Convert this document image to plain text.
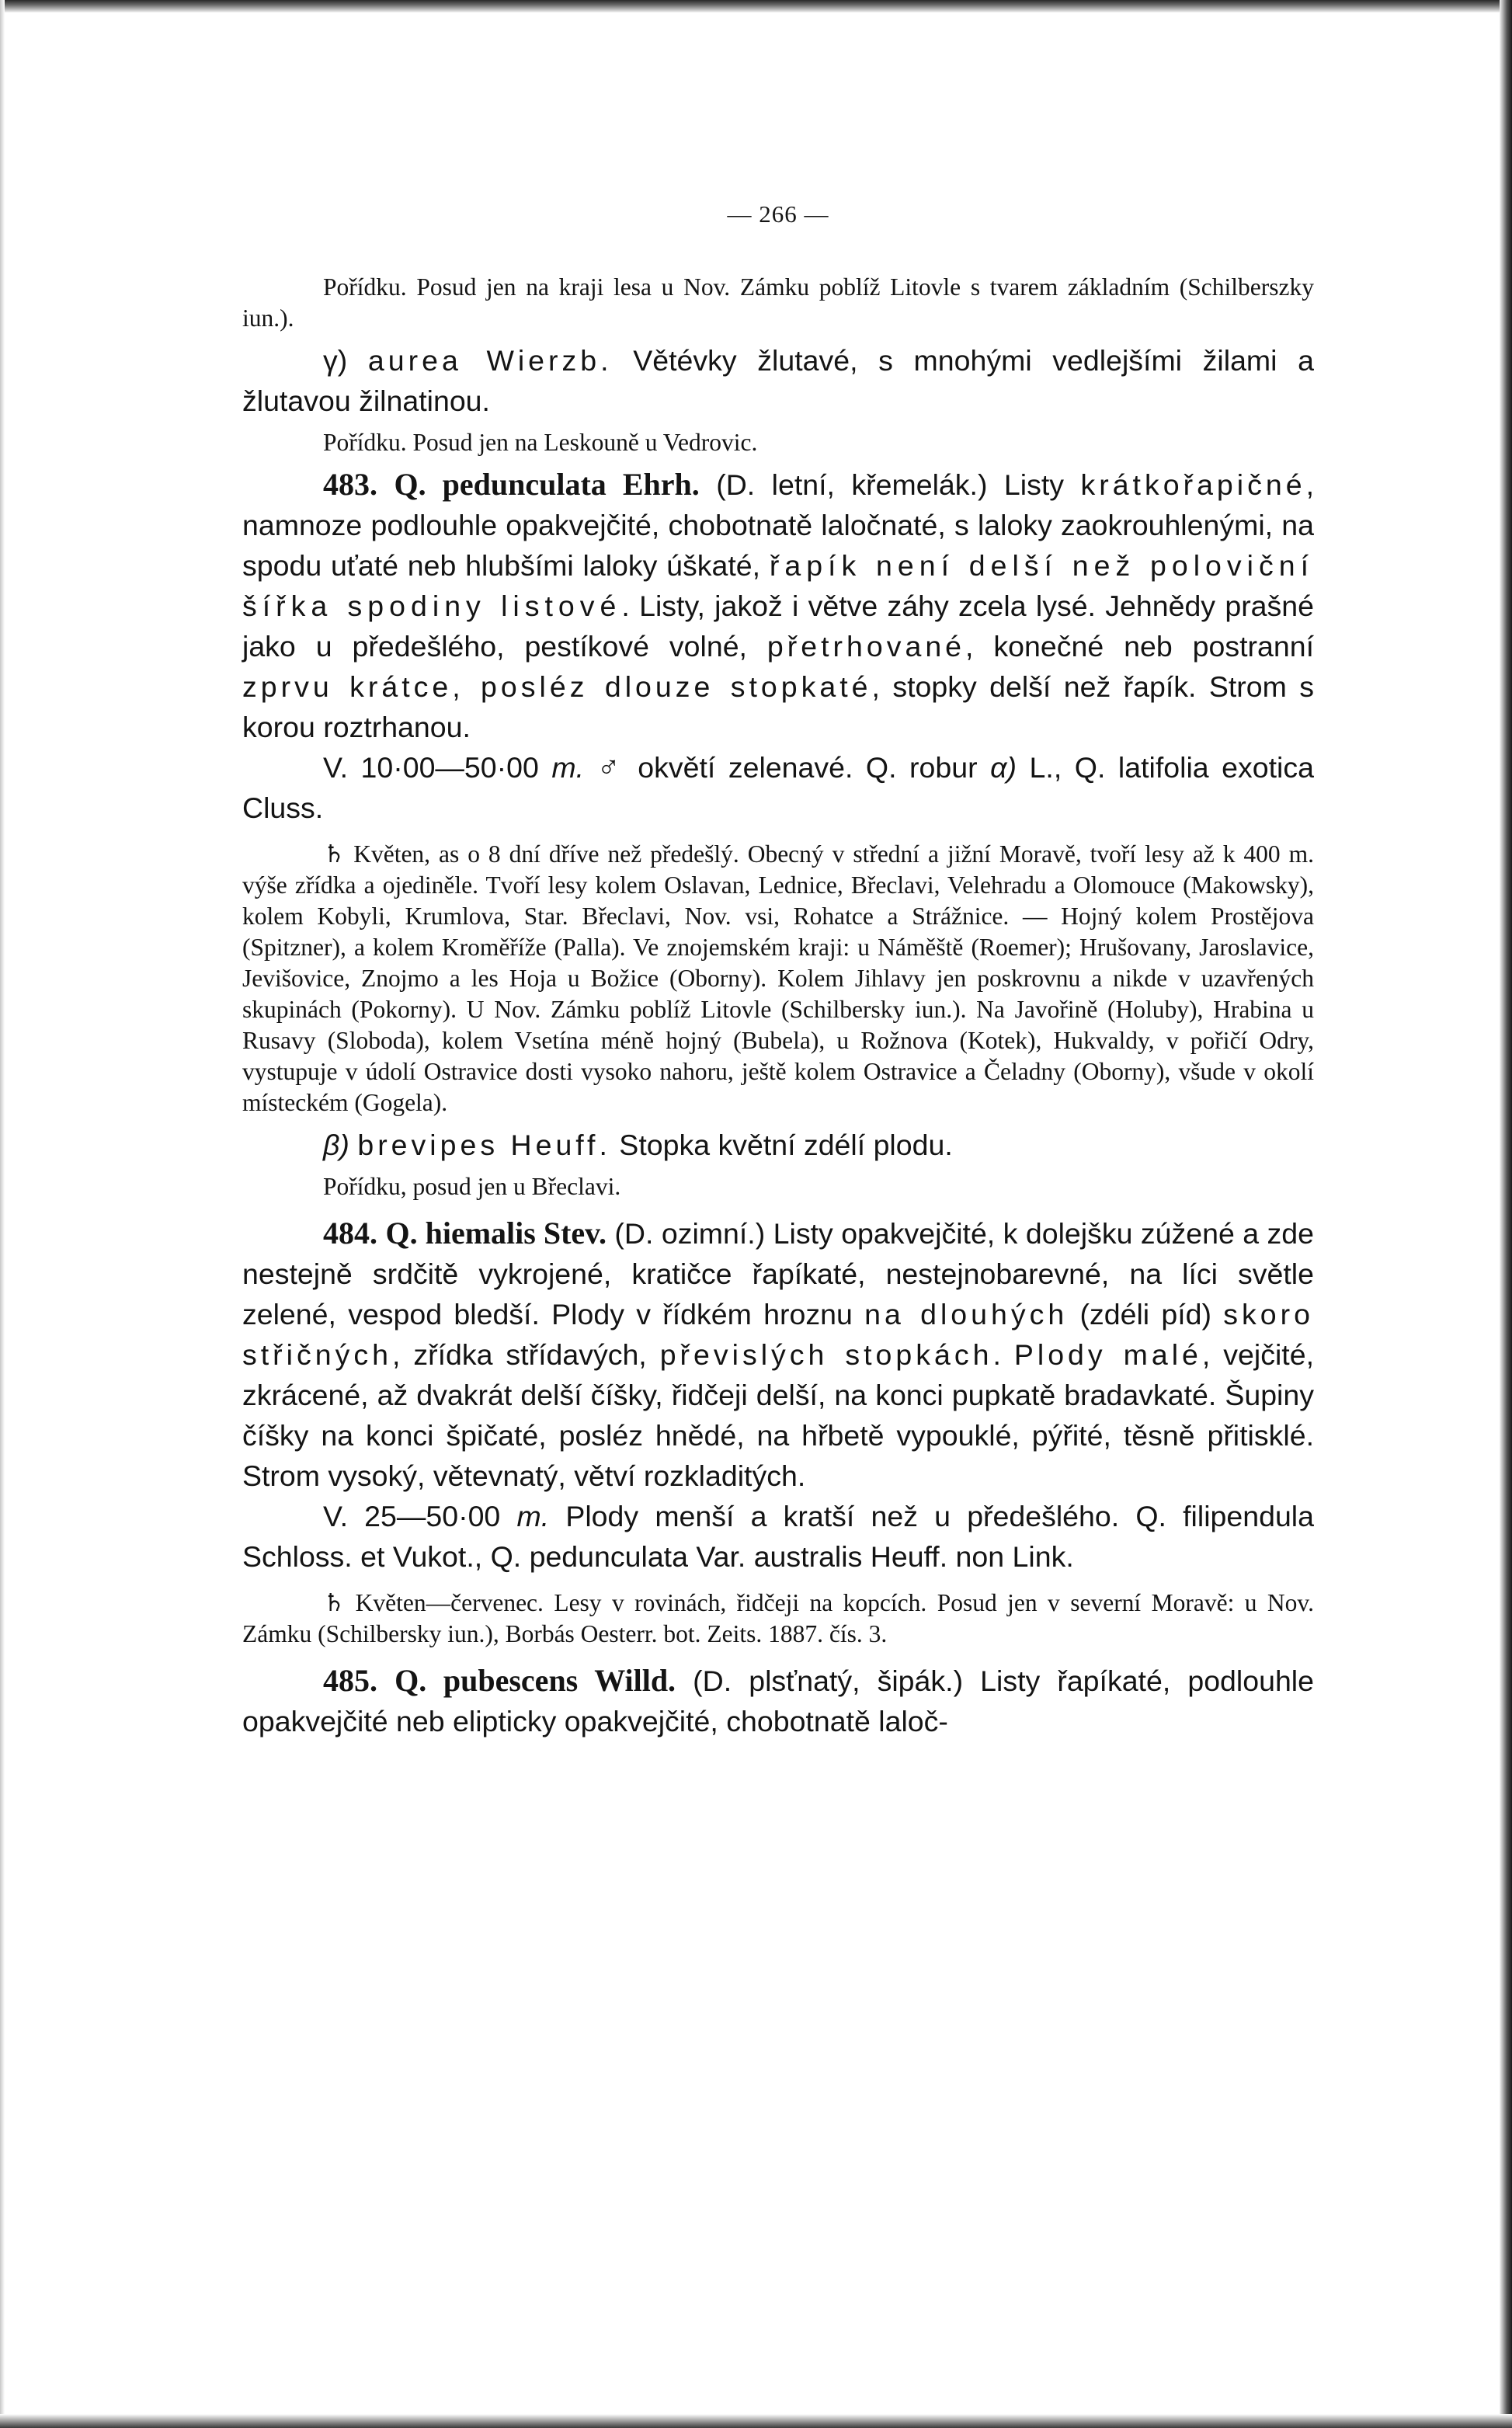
— 266 —

Pořídku. Posud jen na kraji lesa u Nov. Zámku poblíž Litovle s tvarem základním (Schilberszky iun.).

γ) aurea Wierzb. Větévky žlutavé, s mnohými vedlejšími žilami a žlutavou žilnatinou.

Pořídku. Posud jen na Leskouně u Vedrovic.

483. Q. pedunculata Ehrh. (D. letní, křemelák.) Listy krátkořapičné, namnoze podlouhle opakvejčité, chobotnatě laločnaté, s laloky zaokrouhlenými, na spodu uťaté neb hlubšími laloky úškaté, řapík není delší než poloviční šířka spodiny listové. Listy, jakož i větve záhy zcela lysé. Jehnědy prašné jako u předešlého, pestíkové volné, přetrhované, konečné neb postranní zprvu krátce, posléz dlouze stopkaté, stopky delší než řapík. Strom s korou roztrhanou.

V. 10·00—50·00 m. ♂ okvětí zelenavé. Q. robur α) L., Q. latifolia exotica Cluss.

♄ Květen, as o 8 dní dříve než předešlý. Obecný v střední a jižní Moravě, tvoří lesy až k 400 m. výše zřídka a ojediněle. Tvoří lesy kolem Oslavan, Lednice, Břeclavi, Velehradu a Olomouce (Makowsky), kolem Kobyli, Krumlova, Star. Břeclavi, Nov. vsi, Rohatce a Strážnice. — Hojný kolem Prostějova (Spitzner), a kolem Kroměříže (Palla). Ve znojemském kraji: u Náměště (Roemer); Hrušovany, Jaroslavice, Jevišovice, Znojmo a les Hoja u Božice (Oborny). Kolem Jihlavy jen poskrovnu a nikde v uzavřených skupinách (Pokorny). U Nov. Zámku poblíž Litovle (Schilbersky iun.). Na Javořině (Holuby), Hrabina u Rusavy (Sloboda), kolem Vsetína méně hojný (Bubela), u Rožnova (Kotek), Hukvaldy, v pořičí Odry, vystupuje v údolí Ostravice dosti vysoko nahoru, ještě kolem Ostravice a Čeladny (Oborny), všude v okolí místeckém (Gogela).

β) brevipes Heuff. Stopka květní zdélí plodu.

Pořídku, posud jen u Břeclavi.

484. Q. hiemalis Stev. (D. ozimní.) Listy opakvejčité, k dolejšku zúžené a zde nestejně srdčitě vykrojené, kratičce řapíkaté, nestejnobarevné, na líci světle zelené, vespod bledší. Plody v řídkém hroznu na dlouhých (zdéli píd) skoro střičných, zřídka střídavých, převislých stopkách. Plody malé, vejčité, zkrácené, až dvakrát delší číšky, řidčeji delší, na konci pupkatě bradavkaté. Šupiny číšky na konci špičaté, posléz hnědé, na hřbetě vypouklé, pýřité, těsně přitisklé. Strom vysoký, větevnatý, větví rozkladitých.

V. 25—50·00 m. Plody menší a kratší než u předešlého. Q. filipendula Schloss. et Vukot., Q. pedunculata Var. australis Heuff. non Link.

♄ Květen—červenec. Lesy v rovinách, řidčeji na kopcích. Posud jen v severní Moravě: u Nov. Zámku (Schilbersky iun.), Borbás Oesterr. bot. Zeits. 1887. čís. 3.

485. Q. pubescens Willd. (D. plsťnatý, šipák.) Listy řapíkaté, podlouhle opakvejčité neb elipticky opakvejčité, chobotnatě laloč-
